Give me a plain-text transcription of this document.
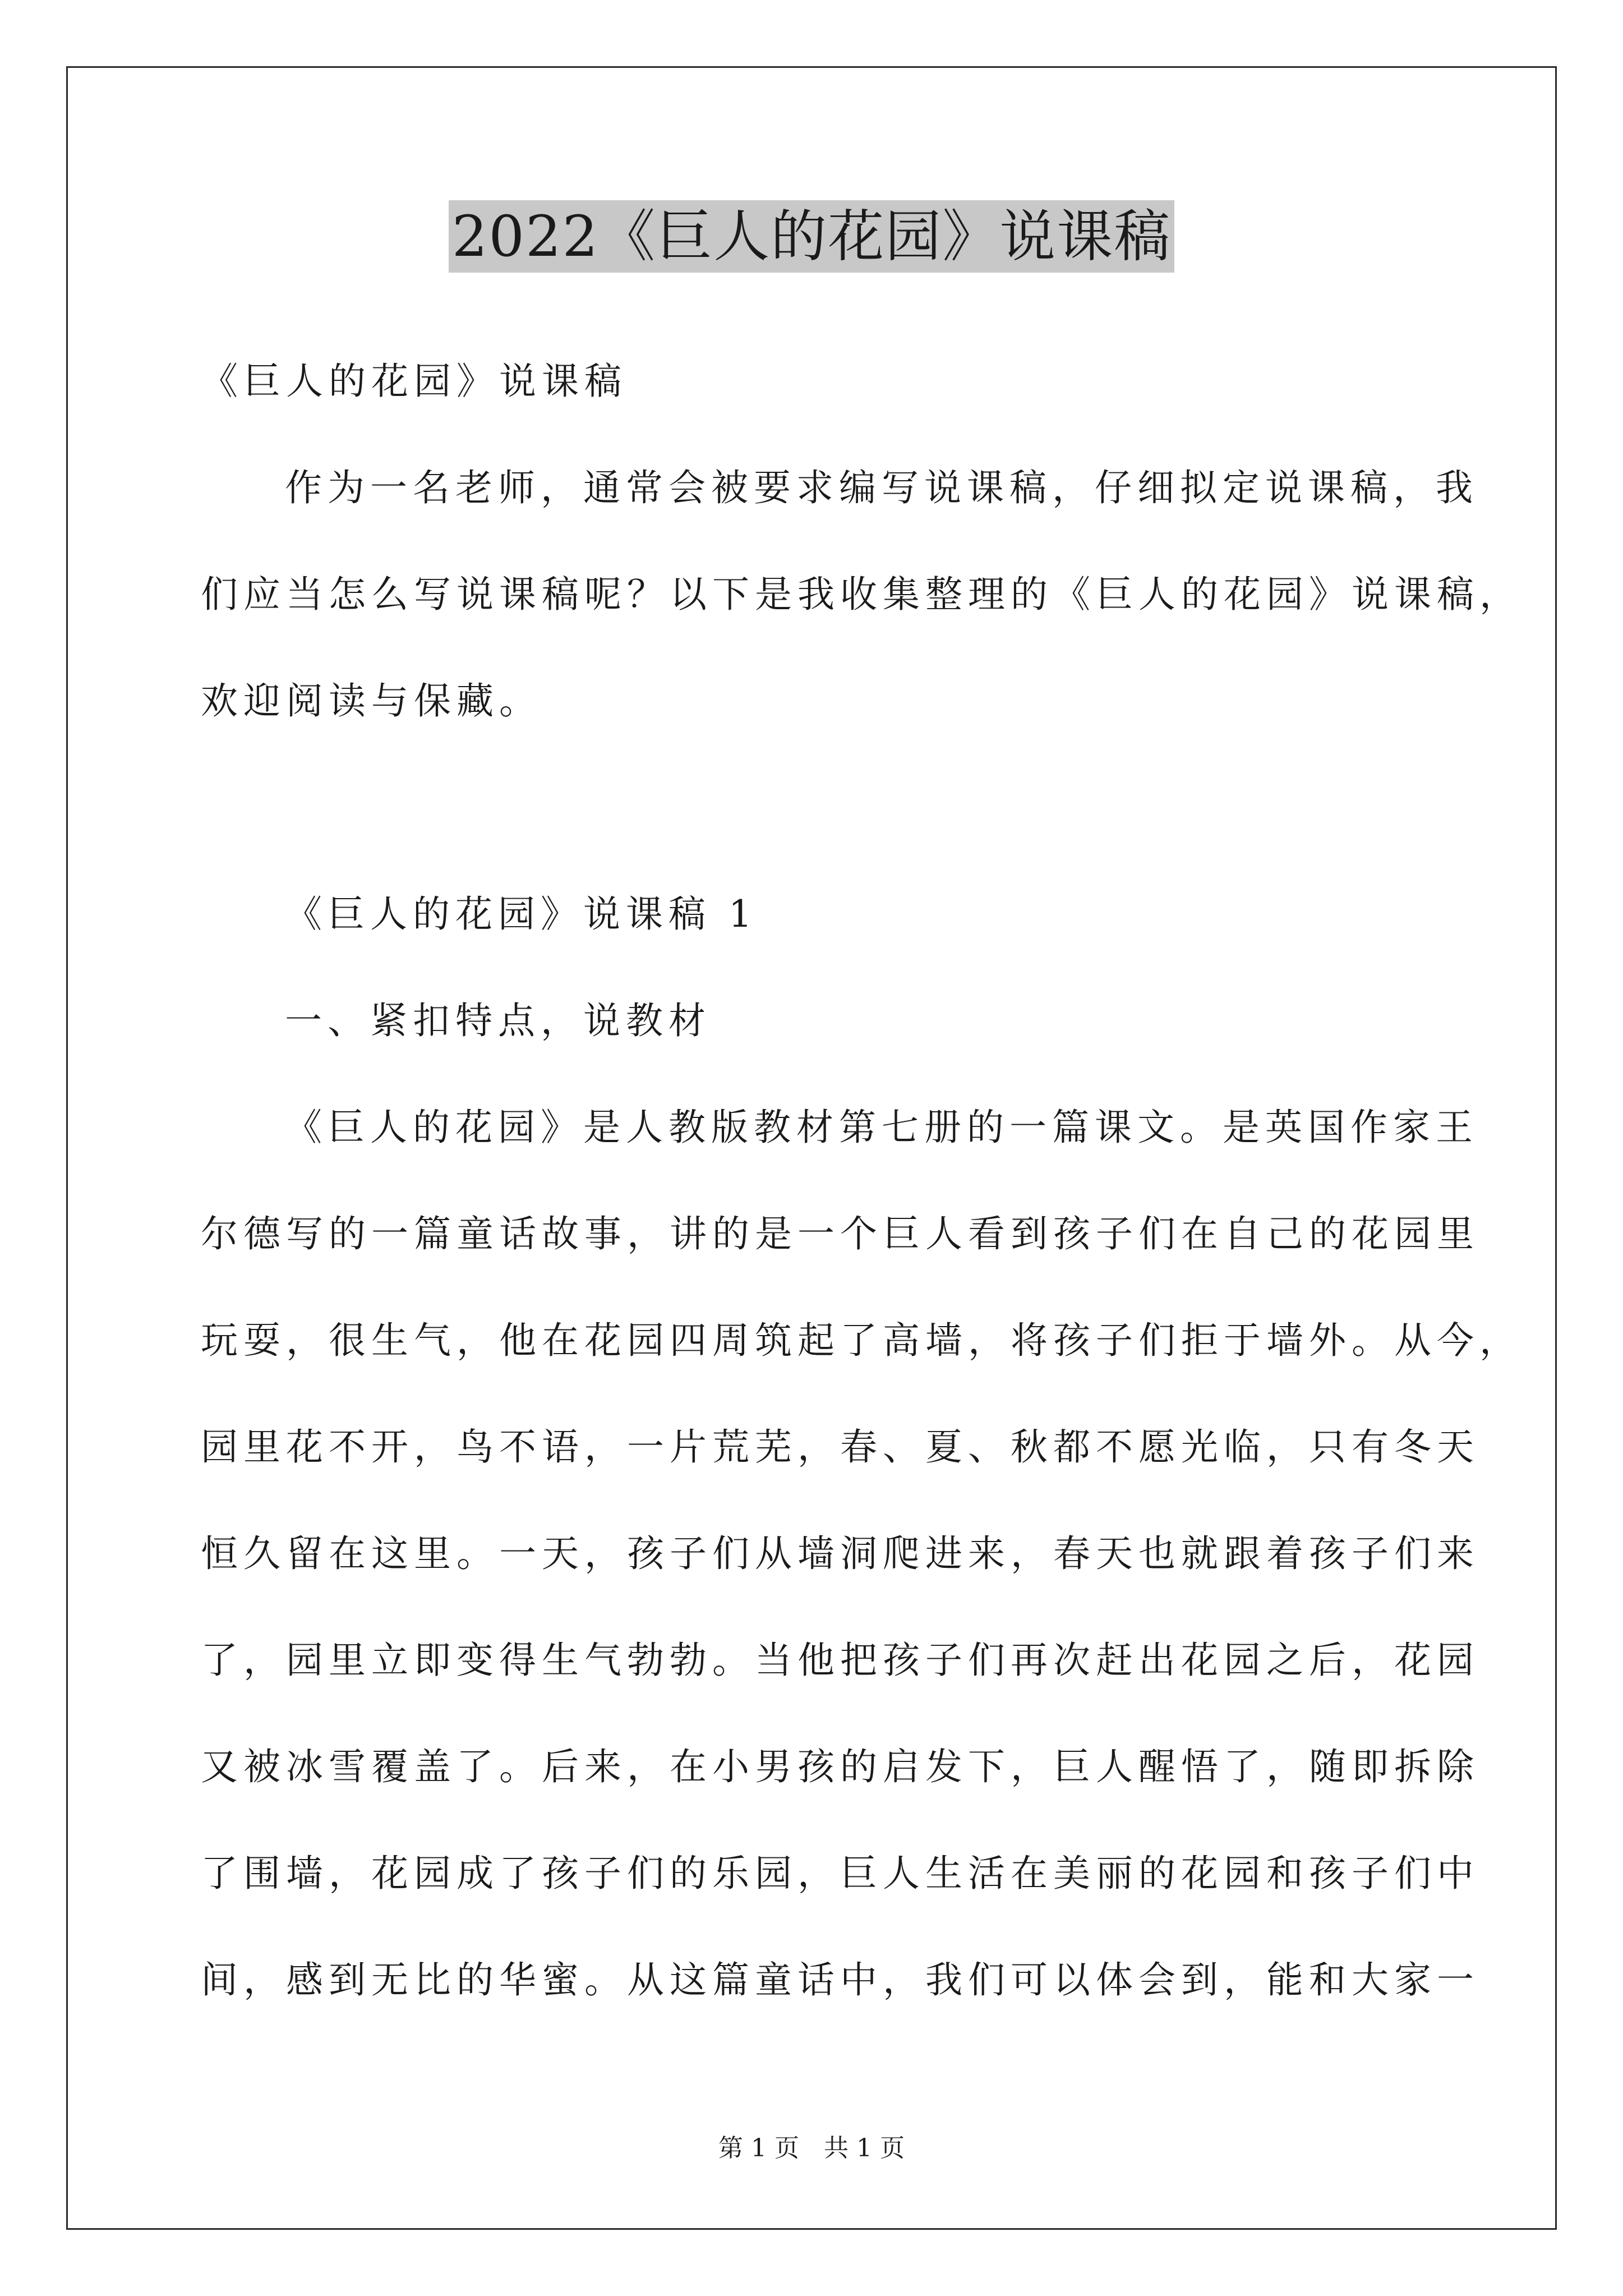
2022《巨人的花园》说课稿

《巨人的花园》说课稿

作为一名老师，通常会被要求编写说课稿，仔细拟定说课稿，我
们应当怎么写说课稿呢？以下是我收集整理的《巨人的花园》说课稿，
欢迎阅读与保藏。

《巨人的花园》说课稿 1

一、紧扣特点，说教材

《巨人的花园》是人教版教材第七册的一篇课文。是英国作家王
尔德写的一篇童话故事，讲的是一个巨人看到孩子们在自己的花园里
玩耍，很生气，他在花园四周筑起了高墙，将孩子们拒于墙外。从今，
园里花不开，鸟不语，一片荒芜，春、夏、秋都不愿光临，只有冬天
恒久留在这里。一天，孩子们从墙洞爬进来，春天也就跟着孩子们来
了，园里立即变得生气勃勃。当他把孩子们再次赶出花园之后，花园
又被冰雪覆盖了。后来，在小男孩的启发下，巨人醒悟了，随即拆除
了围墙，花园成了孩子们的乐园，巨人生活在美丽的花园和孩子们中
间，感到无比的华蜜。从这篇童话中，我们可以体会到，能和大家一

第 1 页　共 1 页
